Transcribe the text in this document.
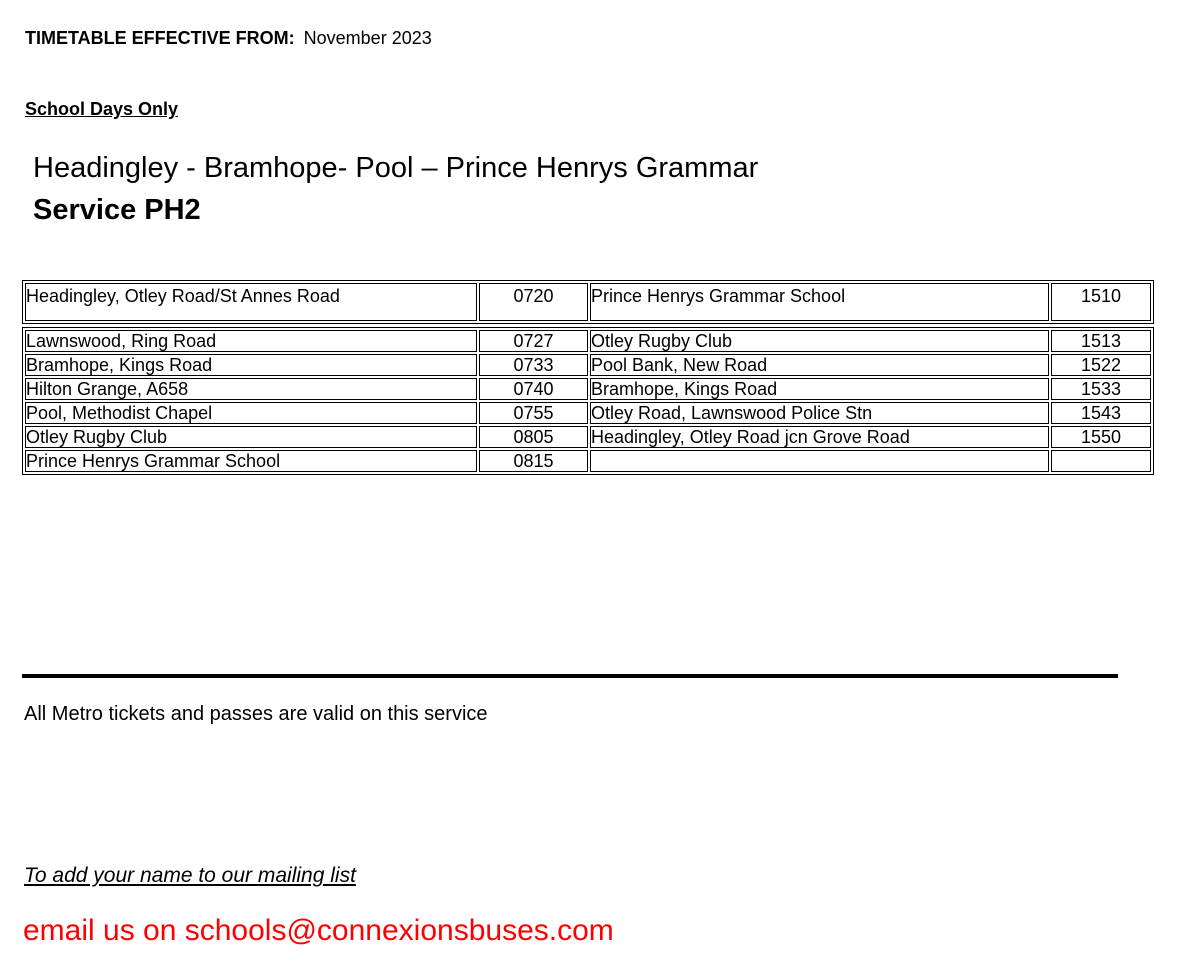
TIMETABLE EFFECTIVE FROM: November 2023
School Days Only
Headingley - Bramhope- Pool – Prince Henrys Grammar
Service PH2
Headingley, Otley Road/St Annes Road	0720	Prince Henrys Grammar School	1510
Lawnswood, Ring Road	0727	Otley Rugby Club	1513
Bramhope, Kings Road	0733	Pool Bank, New Road	1522
Hilton Grange, A658	0740	Bramhope, Kings Road	1533
Pool, Methodist Chapel	0755	Otley Road, Lawnswood Police Stn	1543
Otley Rugby Club	0805	Headingley, Otley Road jcn Grove Road	1550
Prince Henrys Grammar School	0815		
All Metro tickets and passes are valid on this service
To add your name to our mailing list
email us on schools@connexionsbuses.com
